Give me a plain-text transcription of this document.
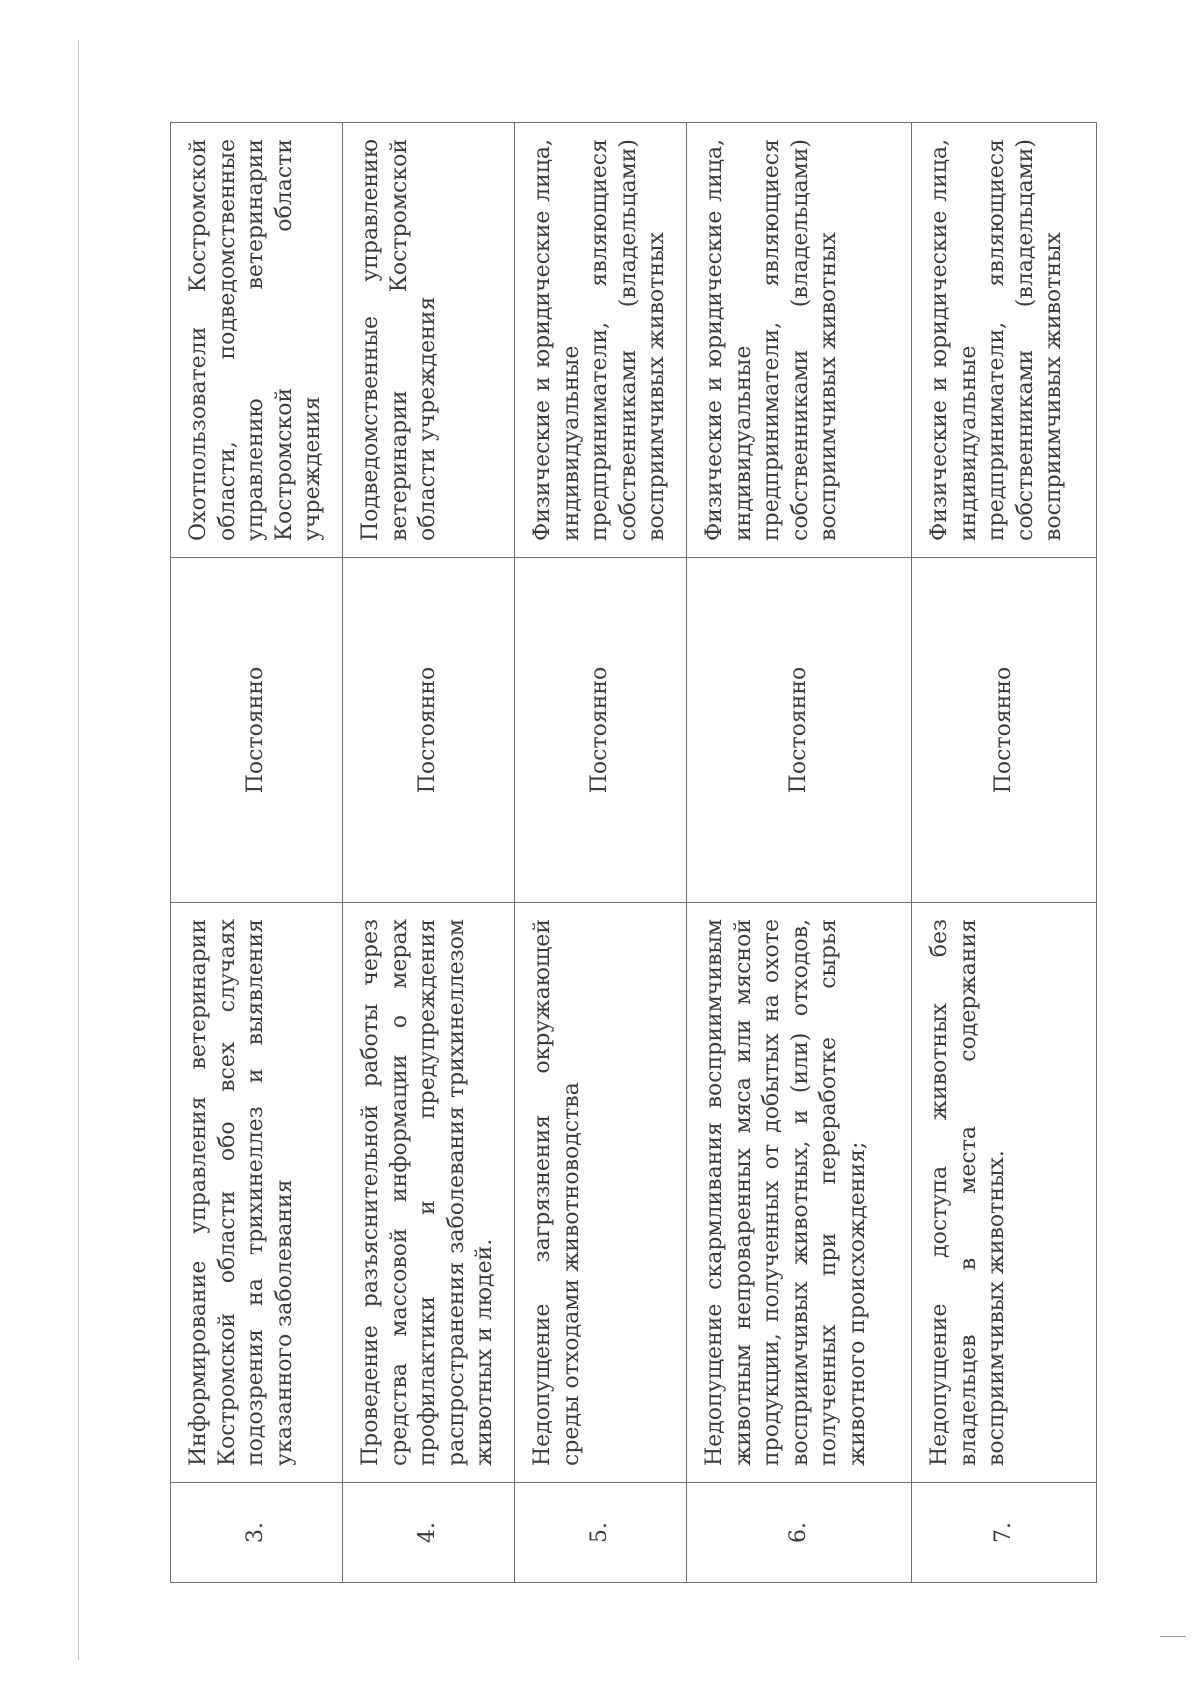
3.	Информирование управления ветеринарии Костромской области обо всех случаях подозрения на трихинеллез и выявления указанного заболевания	Постоянно	Охотпользователи Костромской области, подведомственные управлению ветеринарии Костромской области учреждения
4.	Проведение разъяснительной работы через средства массовой информации о мерах профилактики и предупреждения распространения заболевания трихинеллезом животных и людей.	Постоянно	Подведомственные управлению ветеринарии Костромской области учреждения
5.	Недопущение загрязнения окружающей среды отходами животноводства	Постоянно	Физические и юридические лица, индивидуальные предприниматели, являющиеся собственниками (владельцами) восприимчивых животных
6.	Недопущение скармливания восприимчивым животным непроваренных мяса или мясной продукции, полученных от добытых на охоте восприимчивых животных, и (или) отходов, полученных при переработке сырья животного происхождения;	Постоянно	Физические и юридические лица, индивидуальные предприниматели, являющиеся собственниками (владельцами) восприимчивых животных
7.	Недопущение доступа животных без владельцев в места содержания восприимчивых животных.	Постоянно	Физические и юридические лица, индивидуальные предприниматели, являющиеся собственниками (владельцами) восприимчивых животных
